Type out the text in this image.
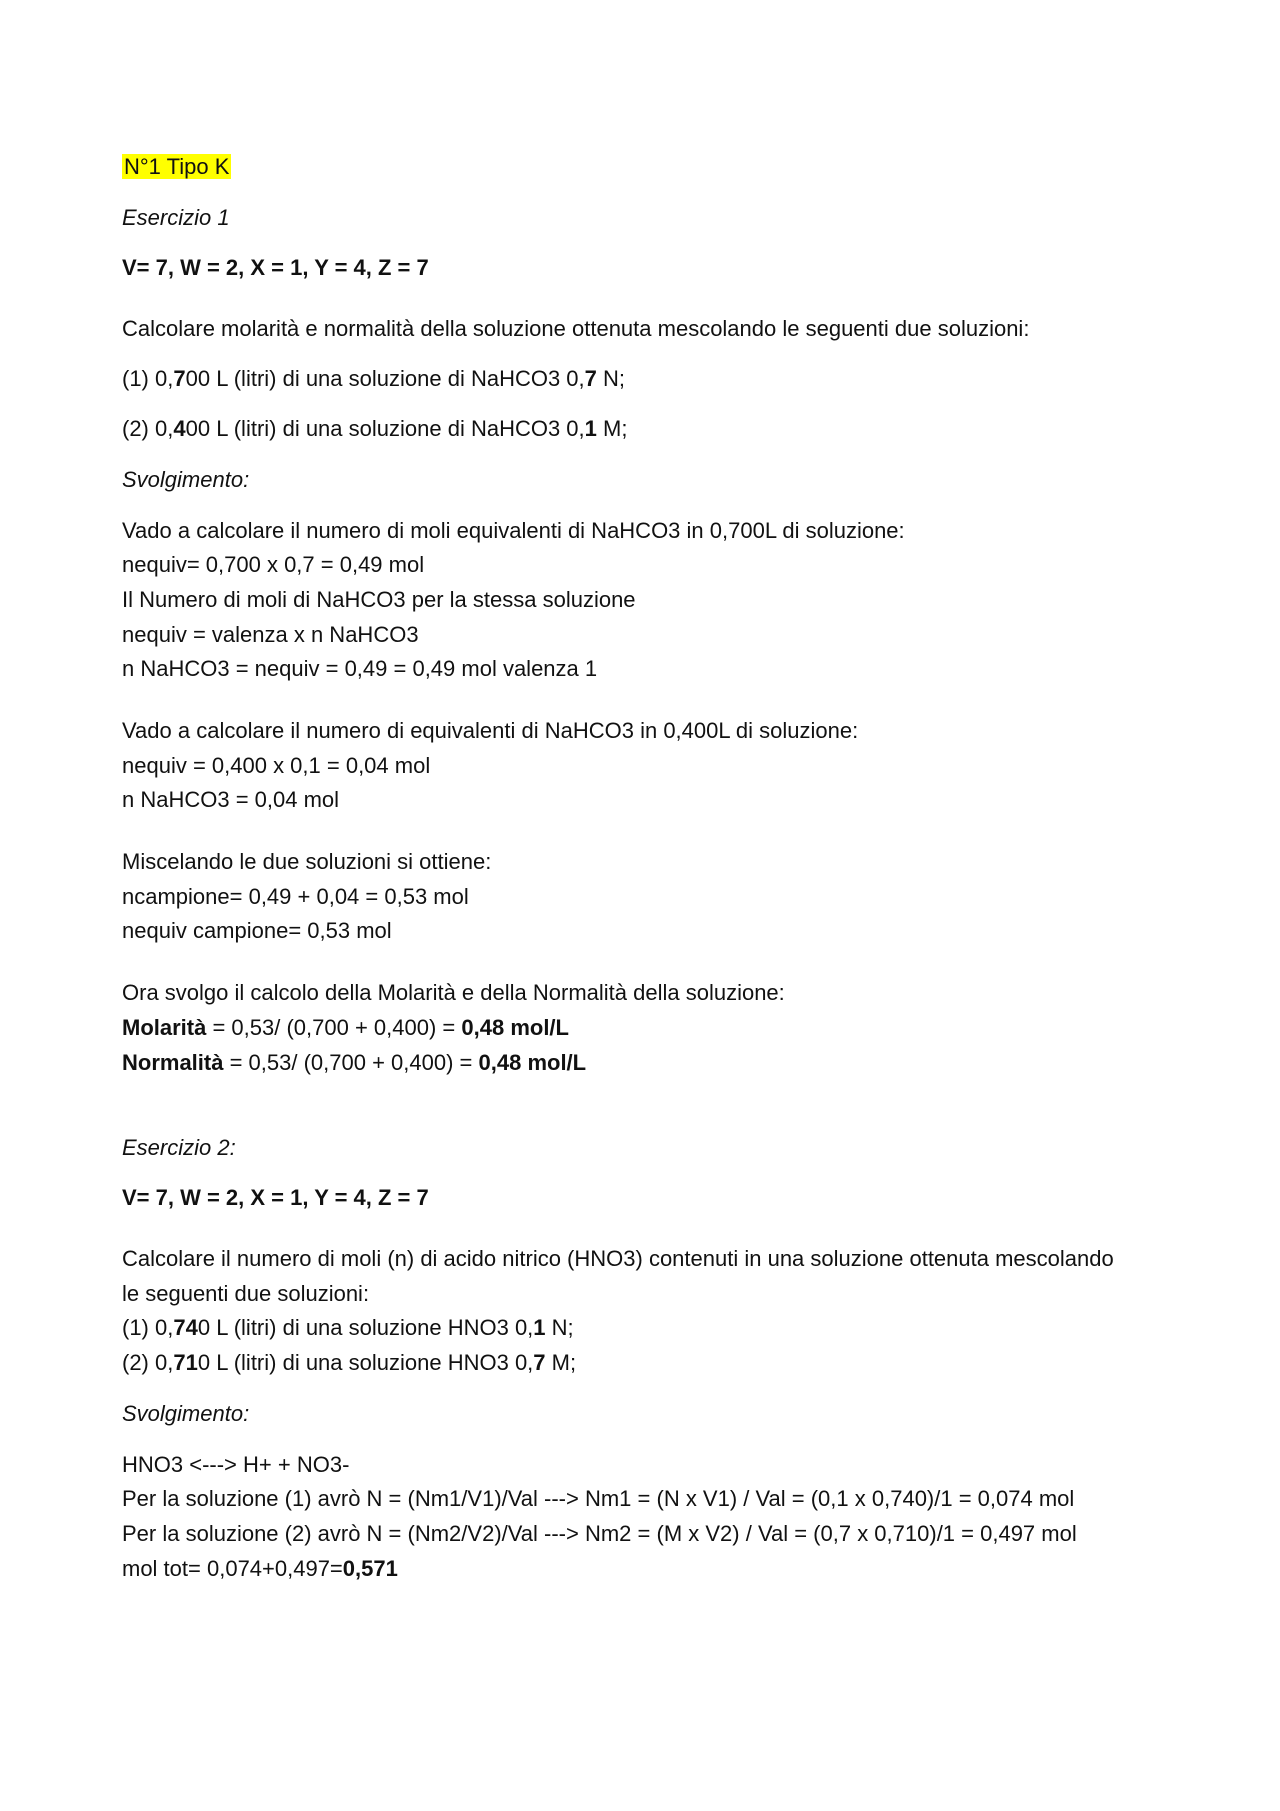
N°1 Tipo K
Esercizio 1
V= 7, W = 2, X = 1, Y = 4, Z = 7
Calcolare molarità e normalità della soluzione ottenuta mescolando le seguenti due soluzioni:
(1) 0,700 L (litri) di una soluzione di NaHCO3 0,7 N;
(2) 0,400 L (litri) di una soluzione di NaHCO3 0,1 M;
Svolgimento:
Vado a calcolare il numero di moli equivalenti di NaHCO3 in 0,700L di soluzione:
nequiv= 0,700 x 0,7 = 0,49 mol
Il Numero di moli di NaHCO3 per la stessa soluzione
nequiv = valenza x n NaHCO3
n NaHCO3 = nequiv = 0,49 = 0,49 mol valenza 1
Vado a calcolare il numero di equivalenti di NaHCO3 in 0,400L di soluzione:
nequiv = 0,400 x 0,1 = 0,04 mol
n NaHCO3 = 0,04 mol
Miscelando le due soluzioni si ottiene:
ncampione= 0,49 + 0,04 = 0,53 mol
nequiv campione= 0,53 mol
Ora svolgo il calcolo della Molarità e della Normalità della soluzione:
Molarità = 0,53/ (0,700 + 0,400) = 0,48 mol/L
Normalità = 0,53/ (0,700 + 0,400) = 0,48 mol/L
Esercizio 2:
V= 7, W = 2, X = 1, Y = 4, Z = 7
Calcolare il numero di moli (n) di acido nitrico (HNO3) contenuti in una soluzione ottenuta mescolando
le seguenti due soluzioni:
(1) 0,740 L (litri) di una soluzione HNO3 0,1 N;
(2) 0,710 L (litri) di una soluzione HNO3 0,7 M;
Svolgimento:
HNO3 <---> H+ + NO3-
Per la soluzione (1) avrò N = (Nm1/V1)/Val ---> Nm1 = (N x V1) / Val = (0,1 x 0,740)/1 = 0,074 mol
Per la soluzione (2) avrò N = (Nm2/V2)/Val ---> Nm2 = (M x V2) / Val = (0,7 x 0,710)/1 = 0,497 mol
mol tot= 0,074+0,497=0,571
